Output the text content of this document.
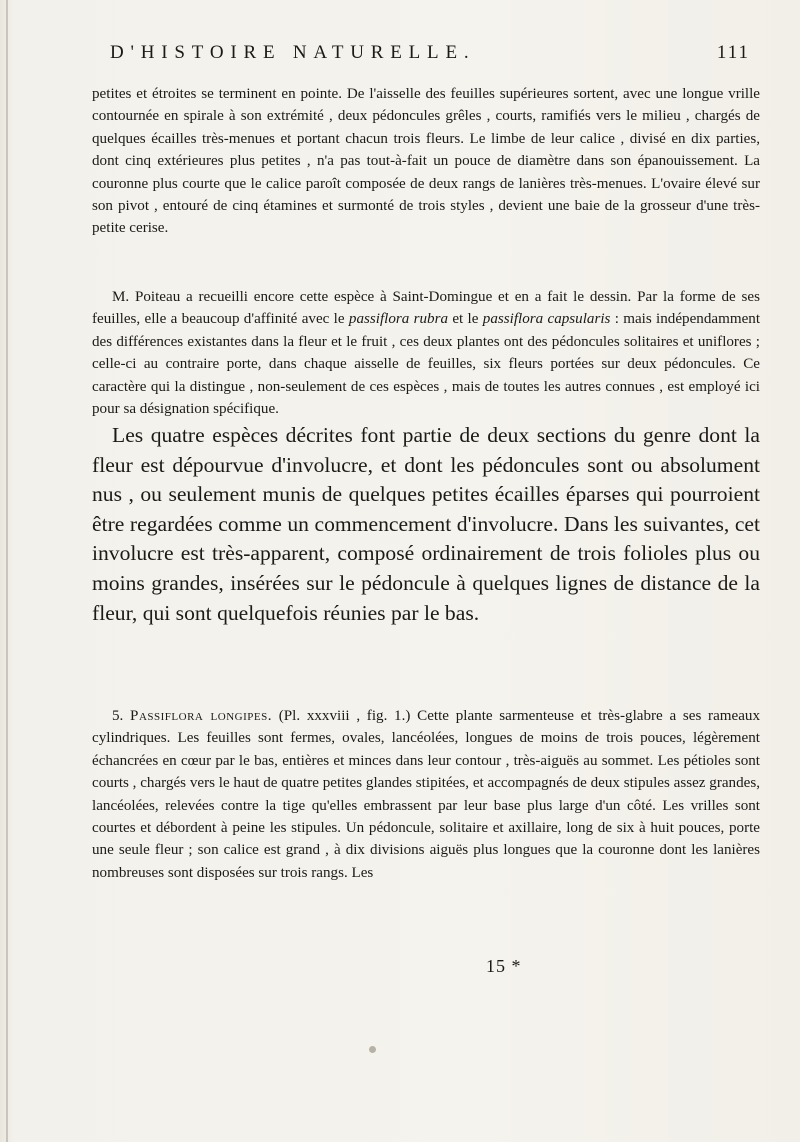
D'HISTOIRE NATURELLE.	111

petites et étroites se terminent en pointe. De l'aisselle des feuilles supérieures sortent, avec une longue vrille contournée en spirale à son extrémité , deux pédoncules grêles , courts, ramifiés vers le milieu , chargés de quelques écailles très-menues et portant chacun trois fleurs. Le limbe de leur calice , divisé en dix parties, dont cinq extérieures plus petites , n'a pas tout-à-fait un pouce de diamètre dans son épanouissement. La couronne plus courte que le calice paroît composée de deux rangs de lanières très-menues. L'ovaire élevé sur son pivot , entouré de cinq étamines et surmonté de trois styles , devient une baie de la grosseur d'une très-petite cerise.

M. Poiteau a recueilli encore cette espèce à Saint-Domingue et en a fait le dessin. Par la forme de ses feuilles, elle a beaucoup d'affinité avec le passiflora rubra et le passiflora capsularis : mais indépendamment des différences existantes dans la fleur et le fruit , ces deux plantes ont des pédoncules solitaires et uniflores ; celle-ci au contraire porte, dans chaque aisselle de feuilles, six fleurs portées sur deux pédoncules. Ce caractère qui la distingue , non-seulement de ces espèces , mais de toutes les autres connues , est employé ici pour sa désignation spécifique.

Les quatre espèces décrites font partie de deux sections du genre dont la fleur est dépourvue d'involucre, et dont les pédoncules sont ou absolument nus , ou seulement munis de quelques petites écailles éparses qui pourroient être regardées comme un commencement d'involucre. Dans les suivantes, cet involucre est très-apparent, composé ordinairement de trois folioles plus ou moins grandes, insérées sur le pédoncule à quelques lignes de distance de la fleur, qui sont quelquefois réunies par le bas.

5. Passiflora longipes. (Pl. xxxviii , fig. 1.) Cette plante sarmenteuse et très-glabre a ses rameaux cylindriques. Les feuilles sont fermes, ovales, lancéolées, longues de moins de trois pouces, légèrement échancrées en cœur par le bas, entières et minces dans leur contour , très-aiguës au sommet. Les pétioles sont courts , chargés vers le haut de quatre petites glandes stipitées, et accompagnés de deux stipules assez grandes, lancéolées, relevées contre la tige qu'elles embrassent par leur base plus large d'un côté. Les vrilles sont courtes et débordent à peine les stipules. Un pédoncule, solitaire et axillaire, long de six à huit pouces, porte une seule fleur ; son calice est grand , à dix divisions aiguës plus longues que la couronne dont les lanières nombreuses sont disposées sur trois rangs. Les

15 *
